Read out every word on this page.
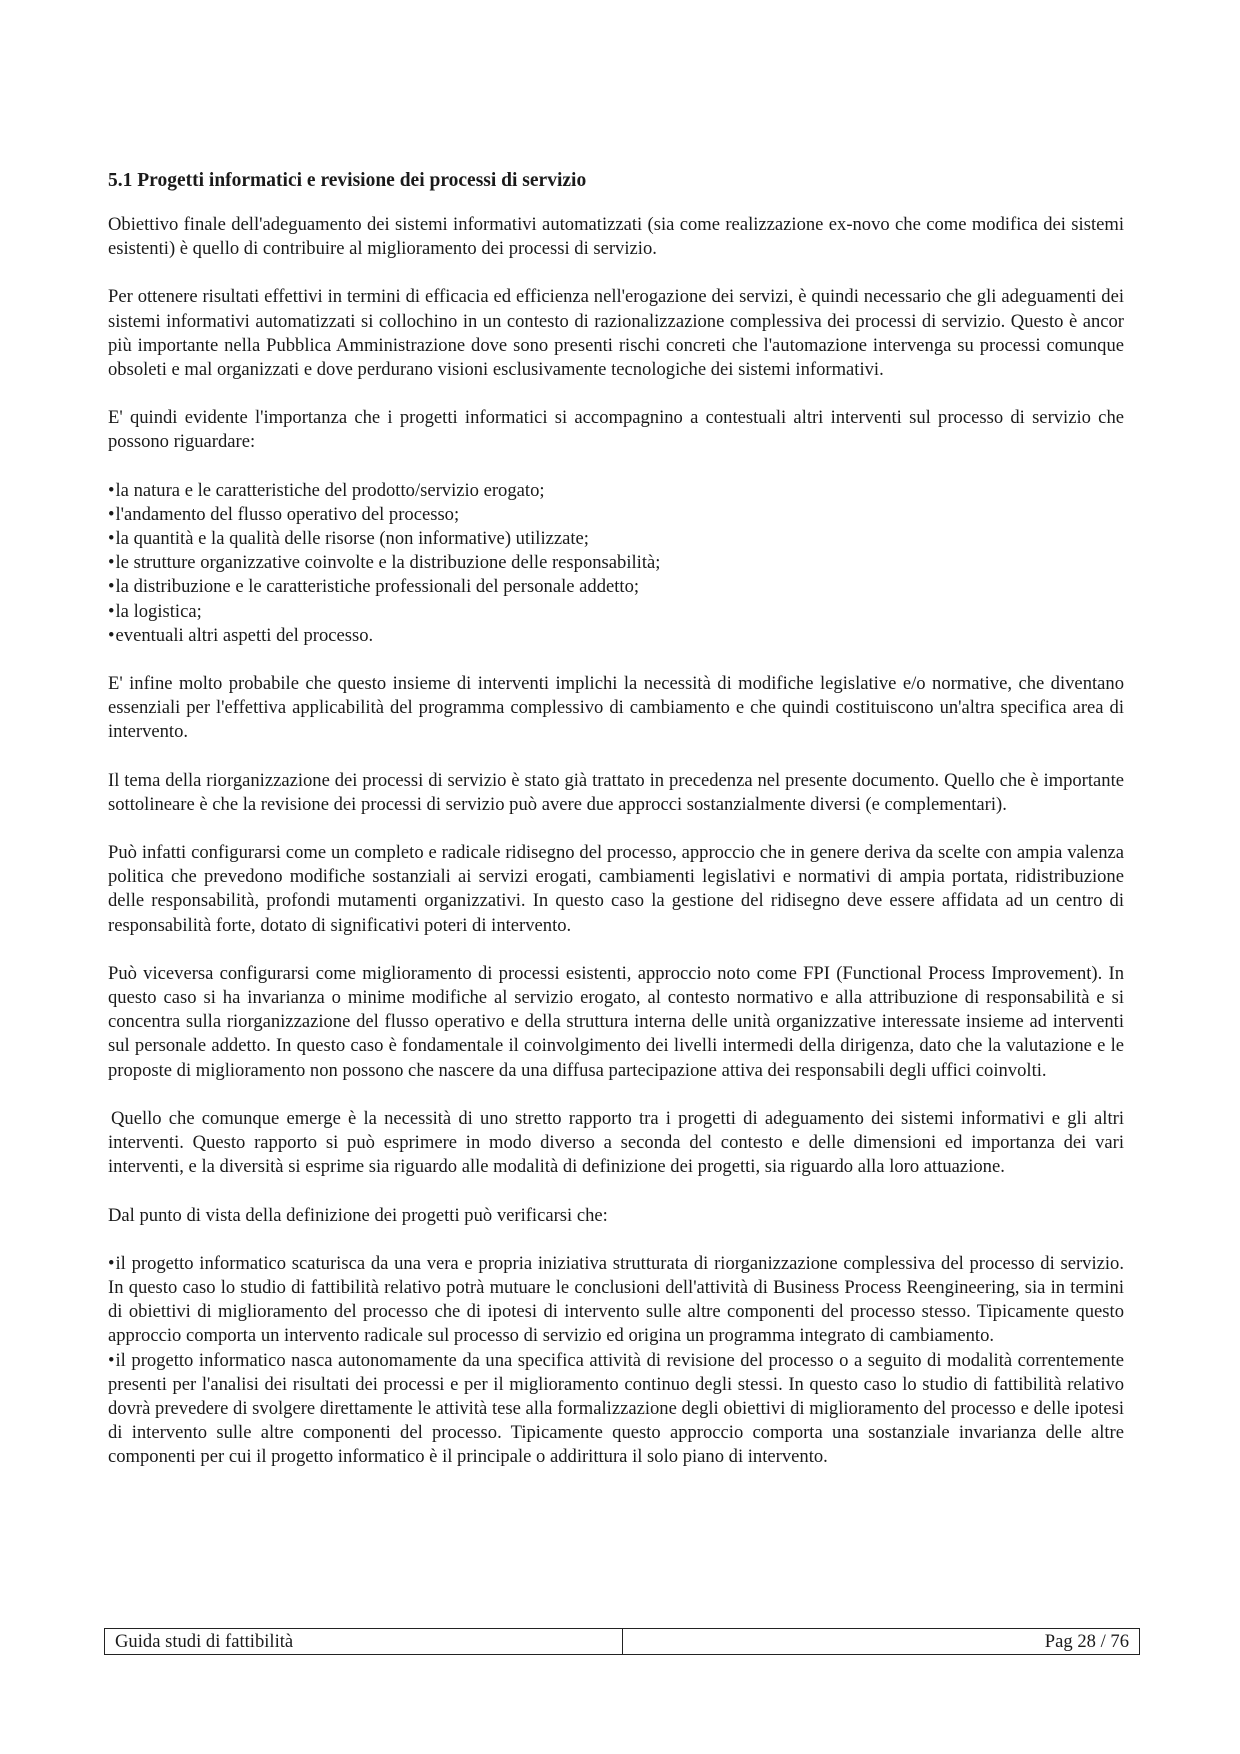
5.1 Progetti informatici e revisione dei processi di servizio

Obiettivo finale dell'adeguamento dei sistemi informativi automatizzati (sia come realizzazione ex-novo che come modifica dei sistemi esistenti) è quello di contribuire al miglioramento dei processi di servizio.

Per ottenere risultati effettivi in termini di efficacia ed efficienza nell'erogazione dei servizi, è quindi necessario che gli adeguamenti dei sistemi informativi automatizzati si collochino in un contesto di razionalizzazione complessiva dei processi di servizio. Questo è ancor più importante nella Pubblica Amministrazione dove sono presenti rischi concreti che l'automazione intervenga su processi comunque obsoleti e mal organizzati e dove perdurano visioni esclusivamente tecnologiche dei sistemi informativi.

E' quindi evidente l'importanza che i progetti informatici si accompagnino a contestuali altri interventi sul processo di servizio che possono riguardare:

• la natura e le caratteristiche del prodotto/servizio erogato;
• l'andamento del flusso operativo del processo;
• la quantità e la qualità delle risorse (non informative) utilizzate;
• le strutture organizzative coinvolte e la distribuzione delle responsabilità;
• la distribuzione e le caratteristiche professionali del personale addetto;
• la logistica;
• eventuali altri aspetti del processo.

E' infine molto probabile che questo insieme di interventi implichi la necessità di modifiche legislative e/o normative, che diventano essenziali per l'effettiva applicabilità del programma complessivo di cambiamento e che quindi costituiscono un'altra specifica area di intervento.

Il tema della riorganizzazione dei processi di servizio è stato già trattato in precedenza nel presente documento. Quello che è importante sottolineare è che la revisione dei processi di servizio può avere due approcci sostanzialmente diversi (e complementari).

Può infatti configurarsi come un completo e radicale ridisegno del processo, approccio che in genere deriva da scelte con ampia valenza politica che prevedono modifiche sostanziali ai servizi erogati, cambiamenti legislativi e normativi di ampia portata, ridistribuzione delle responsabilità, profondi mutamenti organizzativi. In questo caso la gestione del ridisegno deve essere affidata ad un centro di responsabilità forte, dotato di significativi poteri di intervento.

Può viceversa configurarsi come miglioramento di processi esistenti, approccio noto come FPI (Functional Process Improvement). In questo caso si ha invarianza o minime modifiche al servizio erogato, al contesto normativo e alla attribuzione di responsabilità e si concentra sulla riorganizzazione del flusso operativo e della struttura interna delle unità organizzative interessate insieme ad interventi sul personale addetto. In questo caso è fondamentale il coinvolgimento dei livelli intermedi della dirigenza, dato che la valutazione e le proposte di miglioramento non possono che nascere da una diffusa partecipazione attiva dei responsabili degli uffici coinvolti.

Quello che comunque emerge è la necessità di uno stretto rapporto tra i progetti di adeguamento dei sistemi informativi e gli altri interventi. Questo rapporto si può esprimere in modo diverso a seconda del contesto e delle dimensioni ed importanza dei vari interventi, e la diversità si esprime sia riguardo alle modalità di definizione dei progetti, sia riguardo alla loro attuazione.

Dal punto di vista della definizione dei progetti può verificarsi che:

• il progetto informatico scaturisca da una vera e propria iniziativa strutturata di riorganizzazione complessiva del processo di servizio. In questo caso lo studio di fattibilità relativo potrà mutuare le conclusioni dell'attività di Business Process Reengineering, sia in termini di obiettivi di miglioramento del processo che di ipotesi di intervento sulle altre componenti del processo stesso. Tipicamente questo approccio comporta un intervento radicale sul processo di servizio ed origina un programma integrato di cambiamento.
• il progetto informatico nasca autonomamente da una specifica attività di revisione del processo o a seguito di modalità correntemente presenti per l'analisi dei risultati dei processi e per il miglioramento continuo degli stessi. In questo caso lo studio di fattibilità relativo dovrà prevedere di svolgere direttamente le attività tese alla formalizzazione degli obiettivi di miglioramento del processo e delle ipotesi di intervento sulle altre componenti del processo. Tipicamente questo approccio comporta una sostanziale invarianza delle altre componenti per cui il progetto informatico è il principale o addirittura il solo piano di intervento.
Guida studi di fattibilità	Pag 28 / 76
